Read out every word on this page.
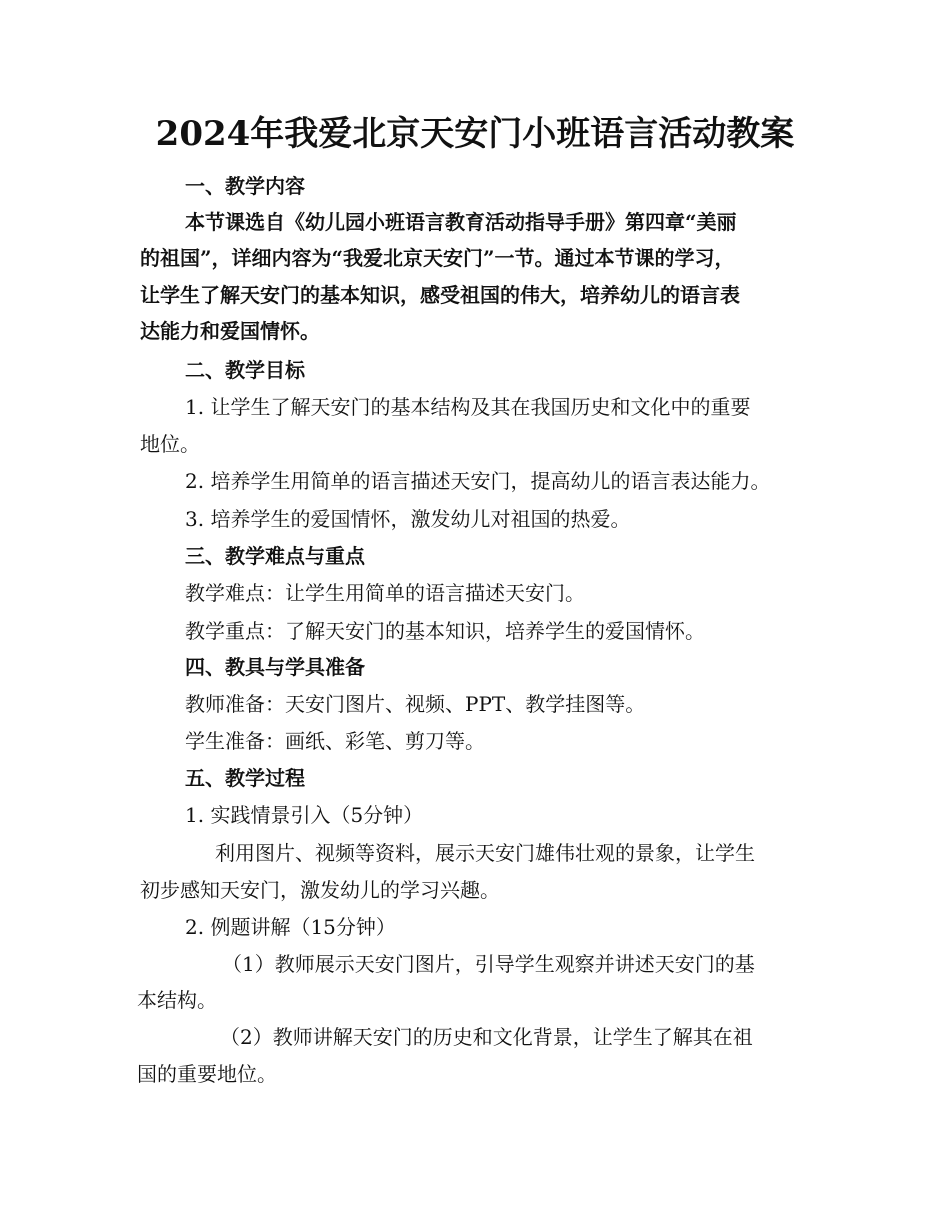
2024年我爱北京天安门小班语言活动教案
一、教学内容
本节课选自《幼儿园小班语言教育活动指导手册》第四章“美丽
的祖国”，详细内容为“我爱北京天安门”一节。通过本节课的学习，
让学生了解天安门的基本知识，感受祖国的伟大，培养幼儿的语言表
达能力和爱国情怀。
二、教学目标
1. 让学生了解天安门的基本结构及其在我国历史和文化中的重要
地位。
2. 培养学生用简单的语言描述天安门，提高幼儿的语言表达能力。
3. 培养学生的爱国情怀，激发幼儿对祖国的热爱。
三、教学难点与重点
教学难点：让学生用简单的语言描述天安门。
教学重点：了解天安门的基本知识，培养学生的爱国情怀。
四、教具与学具准备
教师准备：天安门图片、视频、PPT、教学挂图等。
学生准备：画纸、彩笔、剪刀等。
五、教学过程
1. 实践情景引入（5分钟）
利用图片、视频等资料，展示天安门雄伟壮观的景象，让学生
初步感知天安门，激发幼儿的学习兴趣。
2. 例题讲解（15分钟）
（1）教师展示天安门图片，引导学生观察并讲述天安门的基
本结构。
（2）教师讲解天安门的历史和文化背景，让学生了解其在祖
国的重要地位。
